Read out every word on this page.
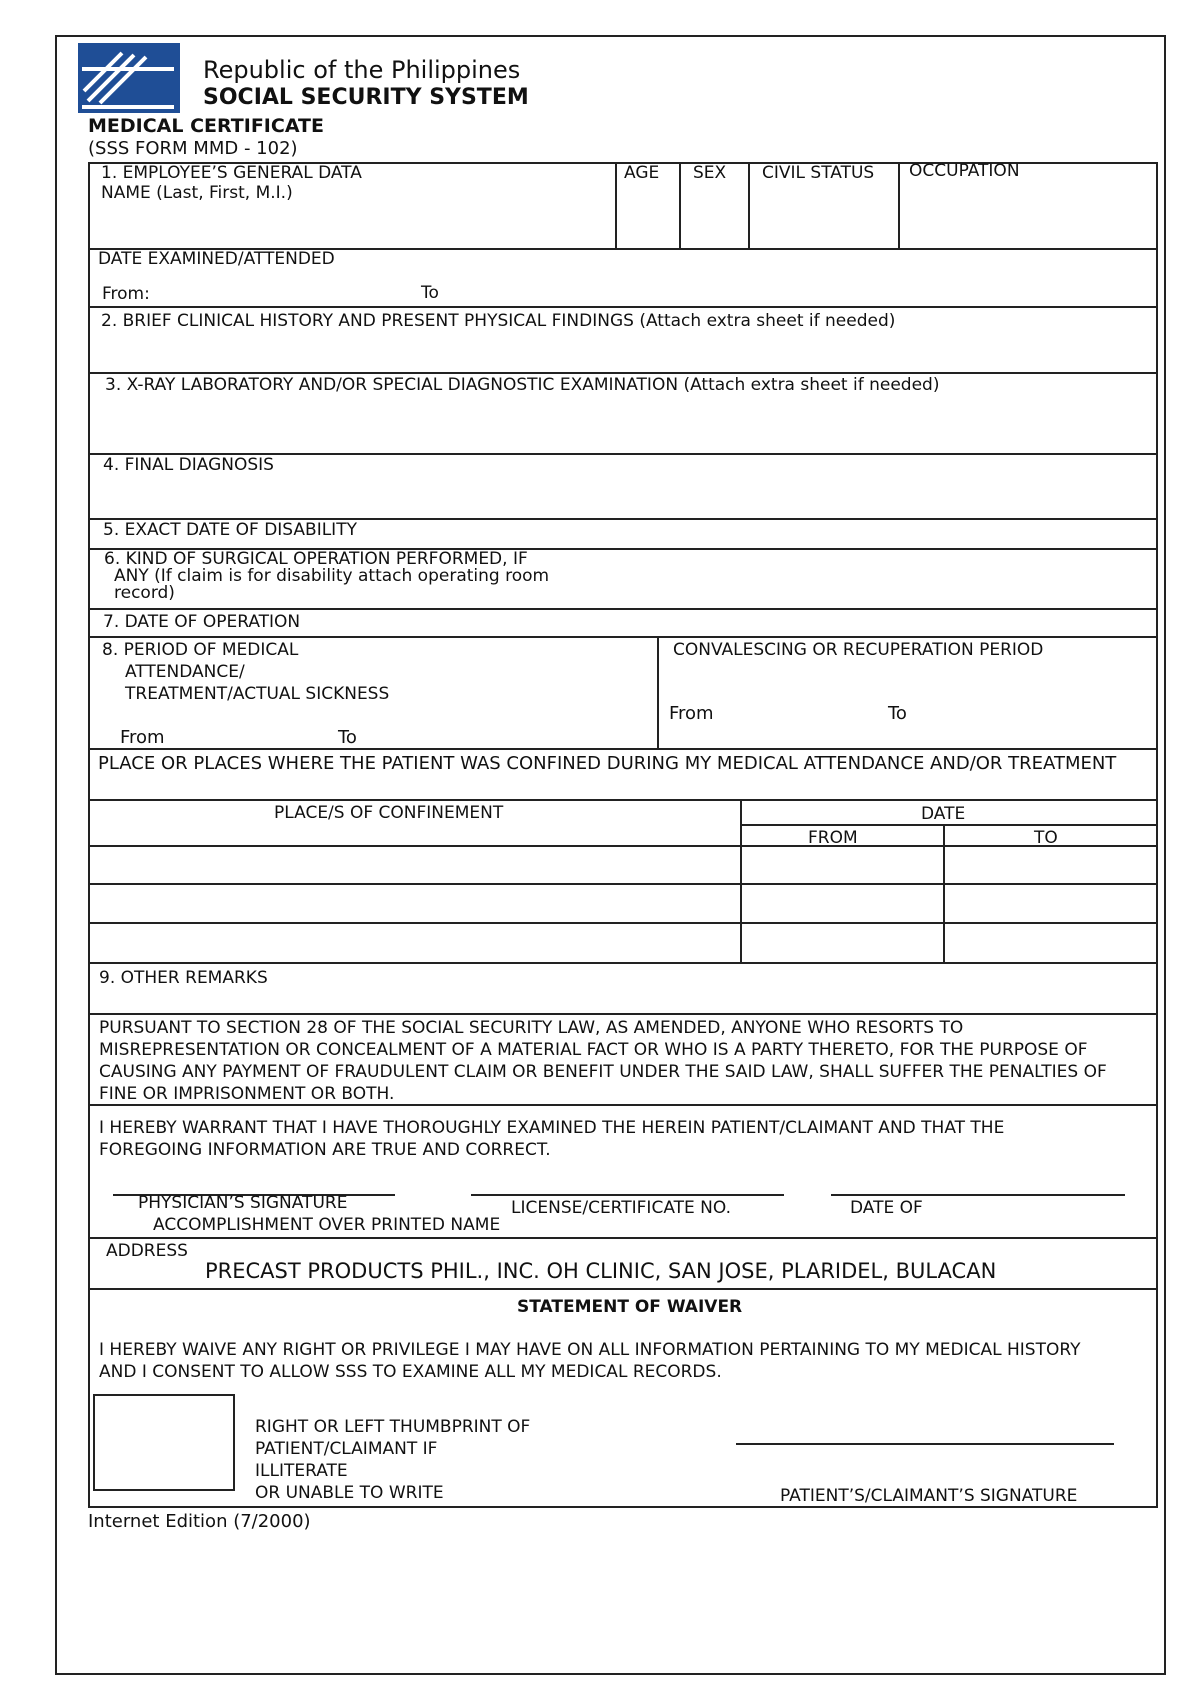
Republic of the Philippines
SOCIAL SECURITY SYSTEM
MEDICAL CERTIFICATE
(SSS FORM MMD - 102)
1. EMPLOYEE’S GENERAL DATA
NAME (Last, First, M.I.)
AGE SEX CIVIL STATUS OCCUPATION
DATE EXAMINED/ATTENDED
From:	To
2. BRIEF CLINICAL HISTORY AND PRESENT PHYSICAL FINDINGS (Attach extra sheet if needed)
3. X-RAY LABORATORY AND/OR SPECIAL DIAGNOSTIC EXAMINATION (Attach extra sheet if needed)
4. FINAL DIAGNOSIS
5. EXACT DATE OF DISABILITY
6. KIND OF SURGICAL OPERATION PERFORMED, IF
ANY (If claim is for disability attach operating room
record)
7. DATE OF OPERATION
8. PERIOD OF MEDICAL
ATTENDANCE/
TREATMENT/ACTUAL SICKNESS
From	To
CONVALESCING OR RECUPERATION PERIOD
From	To
PLACE OR PLACES WHERE THE PATIENT WAS CONFINED DURING MY MEDICAL ATTENDANCE AND/OR TREATMENT
PLACE/S OF CONFINEMENT	DATE
FROM	TO
9. OTHER REMARKS
PURSUANT TO SECTION 28 OF THE SOCIAL SECURITY LAW, AS AMENDED, ANYONE WHO RESORTS TO MISREPRESENTATION OR CONCEALMENT OF A MATERIAL FACT OR WHO IS A PARTY THERETO, FOR THE PURPOSE OF CAUSING ANY PAYMENT OF FRAUDULENT CLAIM OR BENEFIT UNDER THE SAID LAW, SHALL SUFFER THE PENALTIES OF FINE OR IMPRISONMENT OR BOTH.
I HEREBY WARRANT THAT I HAVE THOROUGHLY EXAMINED THE HEREIN PATIENT/CLAIMANT AND THAT THE FOREGOING INFORMATION ARE TRUE AND CORRECT.
PHYSICIAN’S SIGNATURE	LICENSE/CERTIFICATE NO.	DATE OF
ACCOMPLISHMENT OVER PRINTED NAME
ADDRESS
PRECAST PRODUCTS PHIL., INC. OH CLINIC, SAN JOSE, PLARIDEL, BULACAN
STATEMENT OF WAIVER
I HEREBY WAIVE ANY RIGHT OR PRIVILEGE I MAY HAVE ON ALL INFORMATION PERTAINING TO MY MEDICAL HISTORY AND I CONSENT TO ALLOW SSS TO EXAMINE ALL MY MEDICAL RECORDS.
RIGHT OR LEFT THUMBPRINT OF
PATIENT/CLAIMANT IF
ILLITERATE
OR UNABLE TO WRITE	PATIENT’S/CLAIMANT’S SIGNATURE
Internet Edition (7/2000)
